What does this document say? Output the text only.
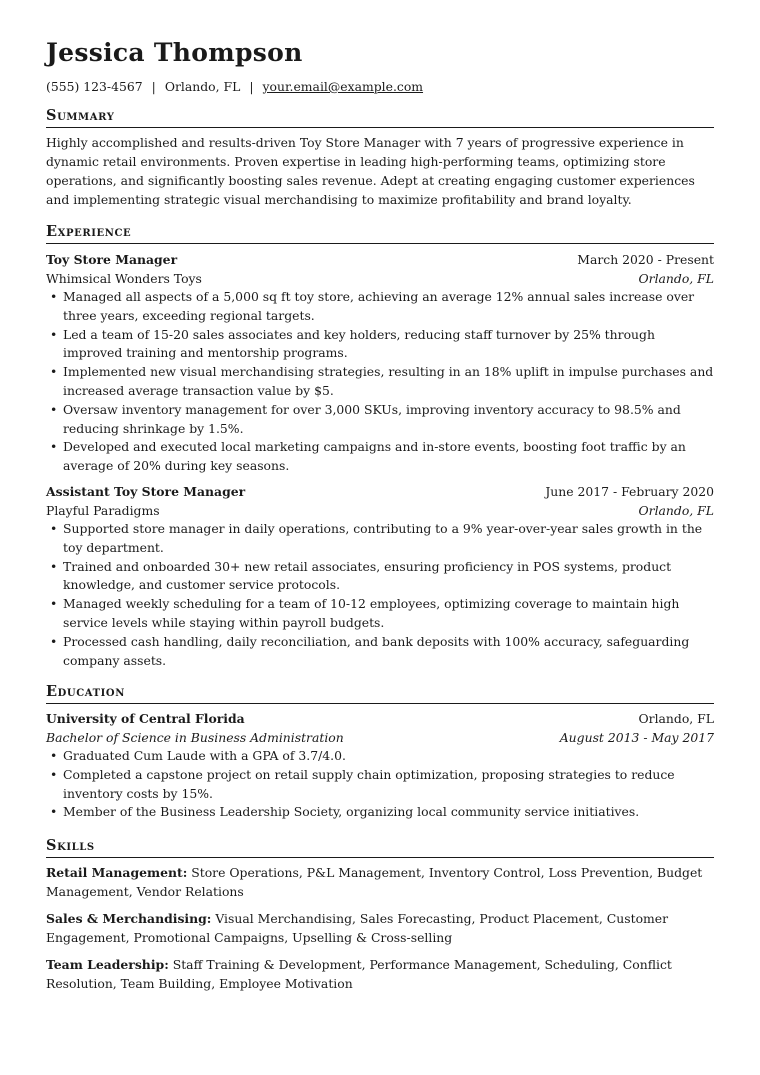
Jessica Thompson
(555) 123-4567 | Orlando, FL | your.email@example.com
Summary

Highly accomplished and results-driven Toy Store Manager with 7 years of progressive experience in dynamic retail environments. Proven expertise in leading high-performing teams, optimizing store operations, and significantly boosting sales revenue. Adept at creating engaging customer experiences and implementing strategic visual merchandising to maximize profitability and brand loyalty.

Experience
Toy Store Manager	March 2020 - Present
Whimsical Wonders Toys	Orlando, FL
• Managed all aspects of a 5,000 sq ft toy store, achieving an average 12% annual sales increase over three years, exceeding regional targets.
• Led a team of 15-20 sales associates and key holders, reducing staff turnover by 25% through improved training and mentorship programs.
• Implemented new visual merchandising strategies, resulting in an 18% uplift in impulse purchases and increased average transaction value by $5.
• Oversaw inventory management for over 3,000 SKUs, improving inventory accuracy to 98.5% and reducing shrinkage by 1.5%.
• Developed and executed local marketing campaigns and in-store events, boosting foot traffic by an average of 20% during key seasons.
Assistant Toy Store Manager	June 2017 - February 2020
Playful Paradigms	Orlando, FL
• Supported store manager in daily operations, contributing to a 9% year-over-year sales growth in the toy department.
• Trained and onboarded 30+ new retail associates, ensuring proficiency in POS systems, product knowledge, and customer service protocols.
• Managed weekly scheduling for a team of 10-12 employees, optimizing coverage to maintain high service levels while staying within payroll budgets.
• Processed cash handling, daily reconciliation, and bank deposits with 100% accuracy, safeguarding company assets.
Education
University of Central Florida	Orlando, FL
Bachelor of Science in Business Administration	August 2013 - May 2017
• Graduated Cum Laude with a GPA of 3.7/4.0.
• Completed a capstone project on retail supply chain optimization, proposing strategies to reduce inventory costs by 15%.
• Member of the Business Leadership Society, organizing local community service initiatives.
Skills

Retail Management: Store Operations, P&L Management, Inventory Control, Loss Prevention, Budget Management, Vendor Relations

Sales & Merchandising: Visual Merchandising, Sales Forecasting, Product Placement, Customer Engagement, Promotional Campaigns, Upselling & Cross-selling

Team Leadership: Staff Training & Development, Performance Management, Scheduling, Conflict Resolution, Team Building, Employee Motivation
